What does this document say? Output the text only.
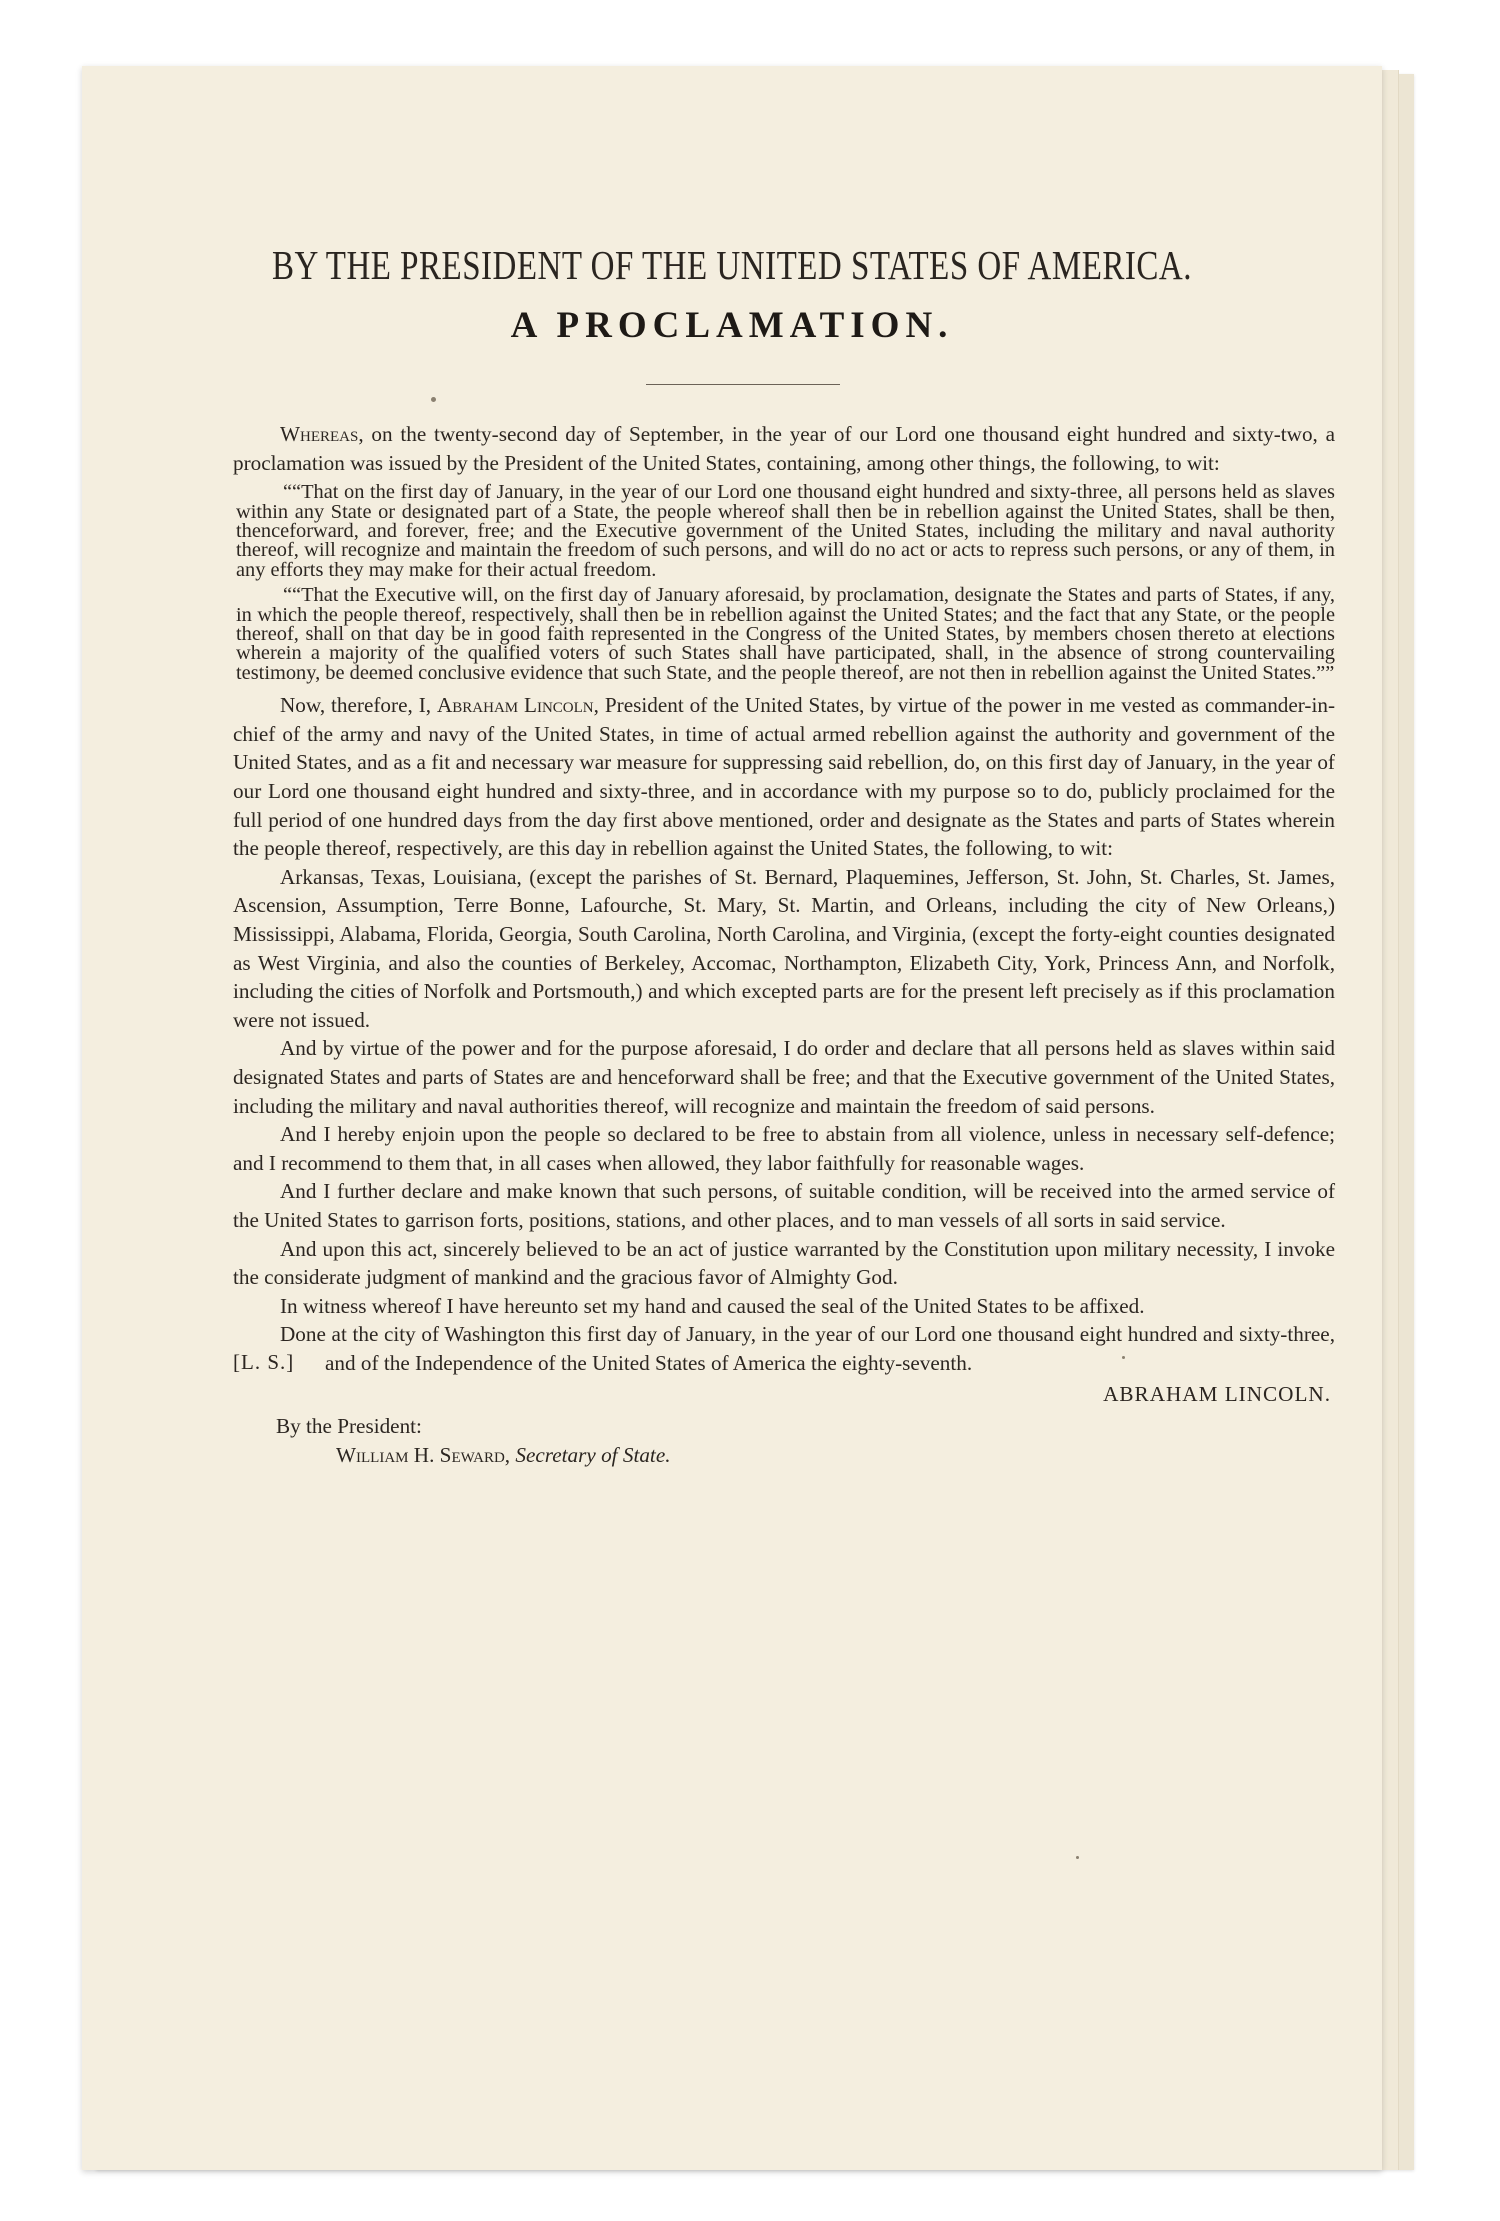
BY THE PRESIDENT OF THE UNITED STATES OF AMERICA.
A PROCLAMATION.

Whereas, on the twenty-second day of September, in the year of our Lord one thousand eight hundred and sixty-two, a proclamation was issued by the President of the United States, containing, among other things, the following, to wit:

““That on the first day of January, in the year of our Lord one thousand eight hundred and sixty-three, all persons held as slaves within any State or designated part of a State, the people whereof shall then be in rebellion against the United States, shall be then, thenceforward, and forever, free; and the Executive government of the United States, including the military and naval authority thereof, will recognize and maintain the freedom of such persons, and will do no act or acts to repress such persons, or any of them, in any efforts they may make for their actual freedom.

““That the Executive will, on the first day of January aforesaid, by proclamation, designate the States and parts of States, if any, in which the people thereof, respectively, shall then be in rebellion against the United States; and the fact that any State, or the people thereof, shall on that day be in good faith represented in the Congress of the United States, by members chosen thereto at elections wherein a majority of the qualified voters of such States shall have participated, shall, in the absence of strong countervailing testimony, be deemed conclusive evidence that such State, and the people thereof, are not then in rebellion against the United States.””

Now, therefore, I, Abraham Lincoln, President of the United States, by virtue of the power in me vested as commander-in-chief of the army and navy of the United States, in time of actual armed rebellion against the authority and government of the United States, and as a fit and necessary war measure for suppressing said rebellion, do, on this first day of January, in the year of our Lord one thousand eight hundred and sixty-three, and in accordance with my purpose so to do, publicly proclaimed for the full period of one hundred days from the day first above mentioned, order and designate as the States and parts of States wherein the people thereof, respectively, are this day in rebellion against the United States, the following, to wit:

Arkansas, Texas, Louisiana, (except the parishes of St. Bernard, Plaquemines, Jefferson, St. John, St. Charles, St. James, Ascension, Assumption, Terre Bonne, Lafourche, St. Mary, St. Martin, and Orleans, including the city of New Orleans,) Mississippi, Alabama, Florida, Georgia, South Carolina, North Carolina, and Virginia, (except the forty-eight counties designated as West Virginia, and also the counties of Berkeley, Accomac, Northampton, Elizabeth City, York, Princess Ann, and Norfolk, including the cities of Norfolk and Portsmouth,) and which excepted parts are for the present left precisely as if this proclamation were not issued.

And by virtue of the power and for the purpose aforesaid, I do order and declare that all persons held as slaves within said designated States and parts of States are and henceforward shall be free; and that the Executive government of the United States, including the military and naval authorities thereof, will recognize and maintain the freedom of said persons.

And I hereby enjoin upon the people so declared to be free to abstain from all violence, unless in necessary self-defence; and I recommend to them that, in all cases when allowed, they labor faithfully for reasonable wages.

And I further declare and make known that such persons, of suitable condition, will be received into the armed service of the United States to garrison forts, positions, stations, and other places, and to man vessels of all sorts in said service.

And upon this act, sincerely believed to be an act of justice warranted by the Constitution upon military necessity, I invoke the considerate judgment of mankind and the gracious favor of Almighty God.

In witness whereof I have hereunto set my hand and caused the seal of the United States to be affixed.

[L. S.]

Done at the city of Washington this first day of January, in the year of our Lord one thousand eight hundred and sixty-three, and of the Independence of the United States of America the eighty-seventh.

ABRAHAM LINCOLN.

By the President:

William H. Seward, Secretary of State.
